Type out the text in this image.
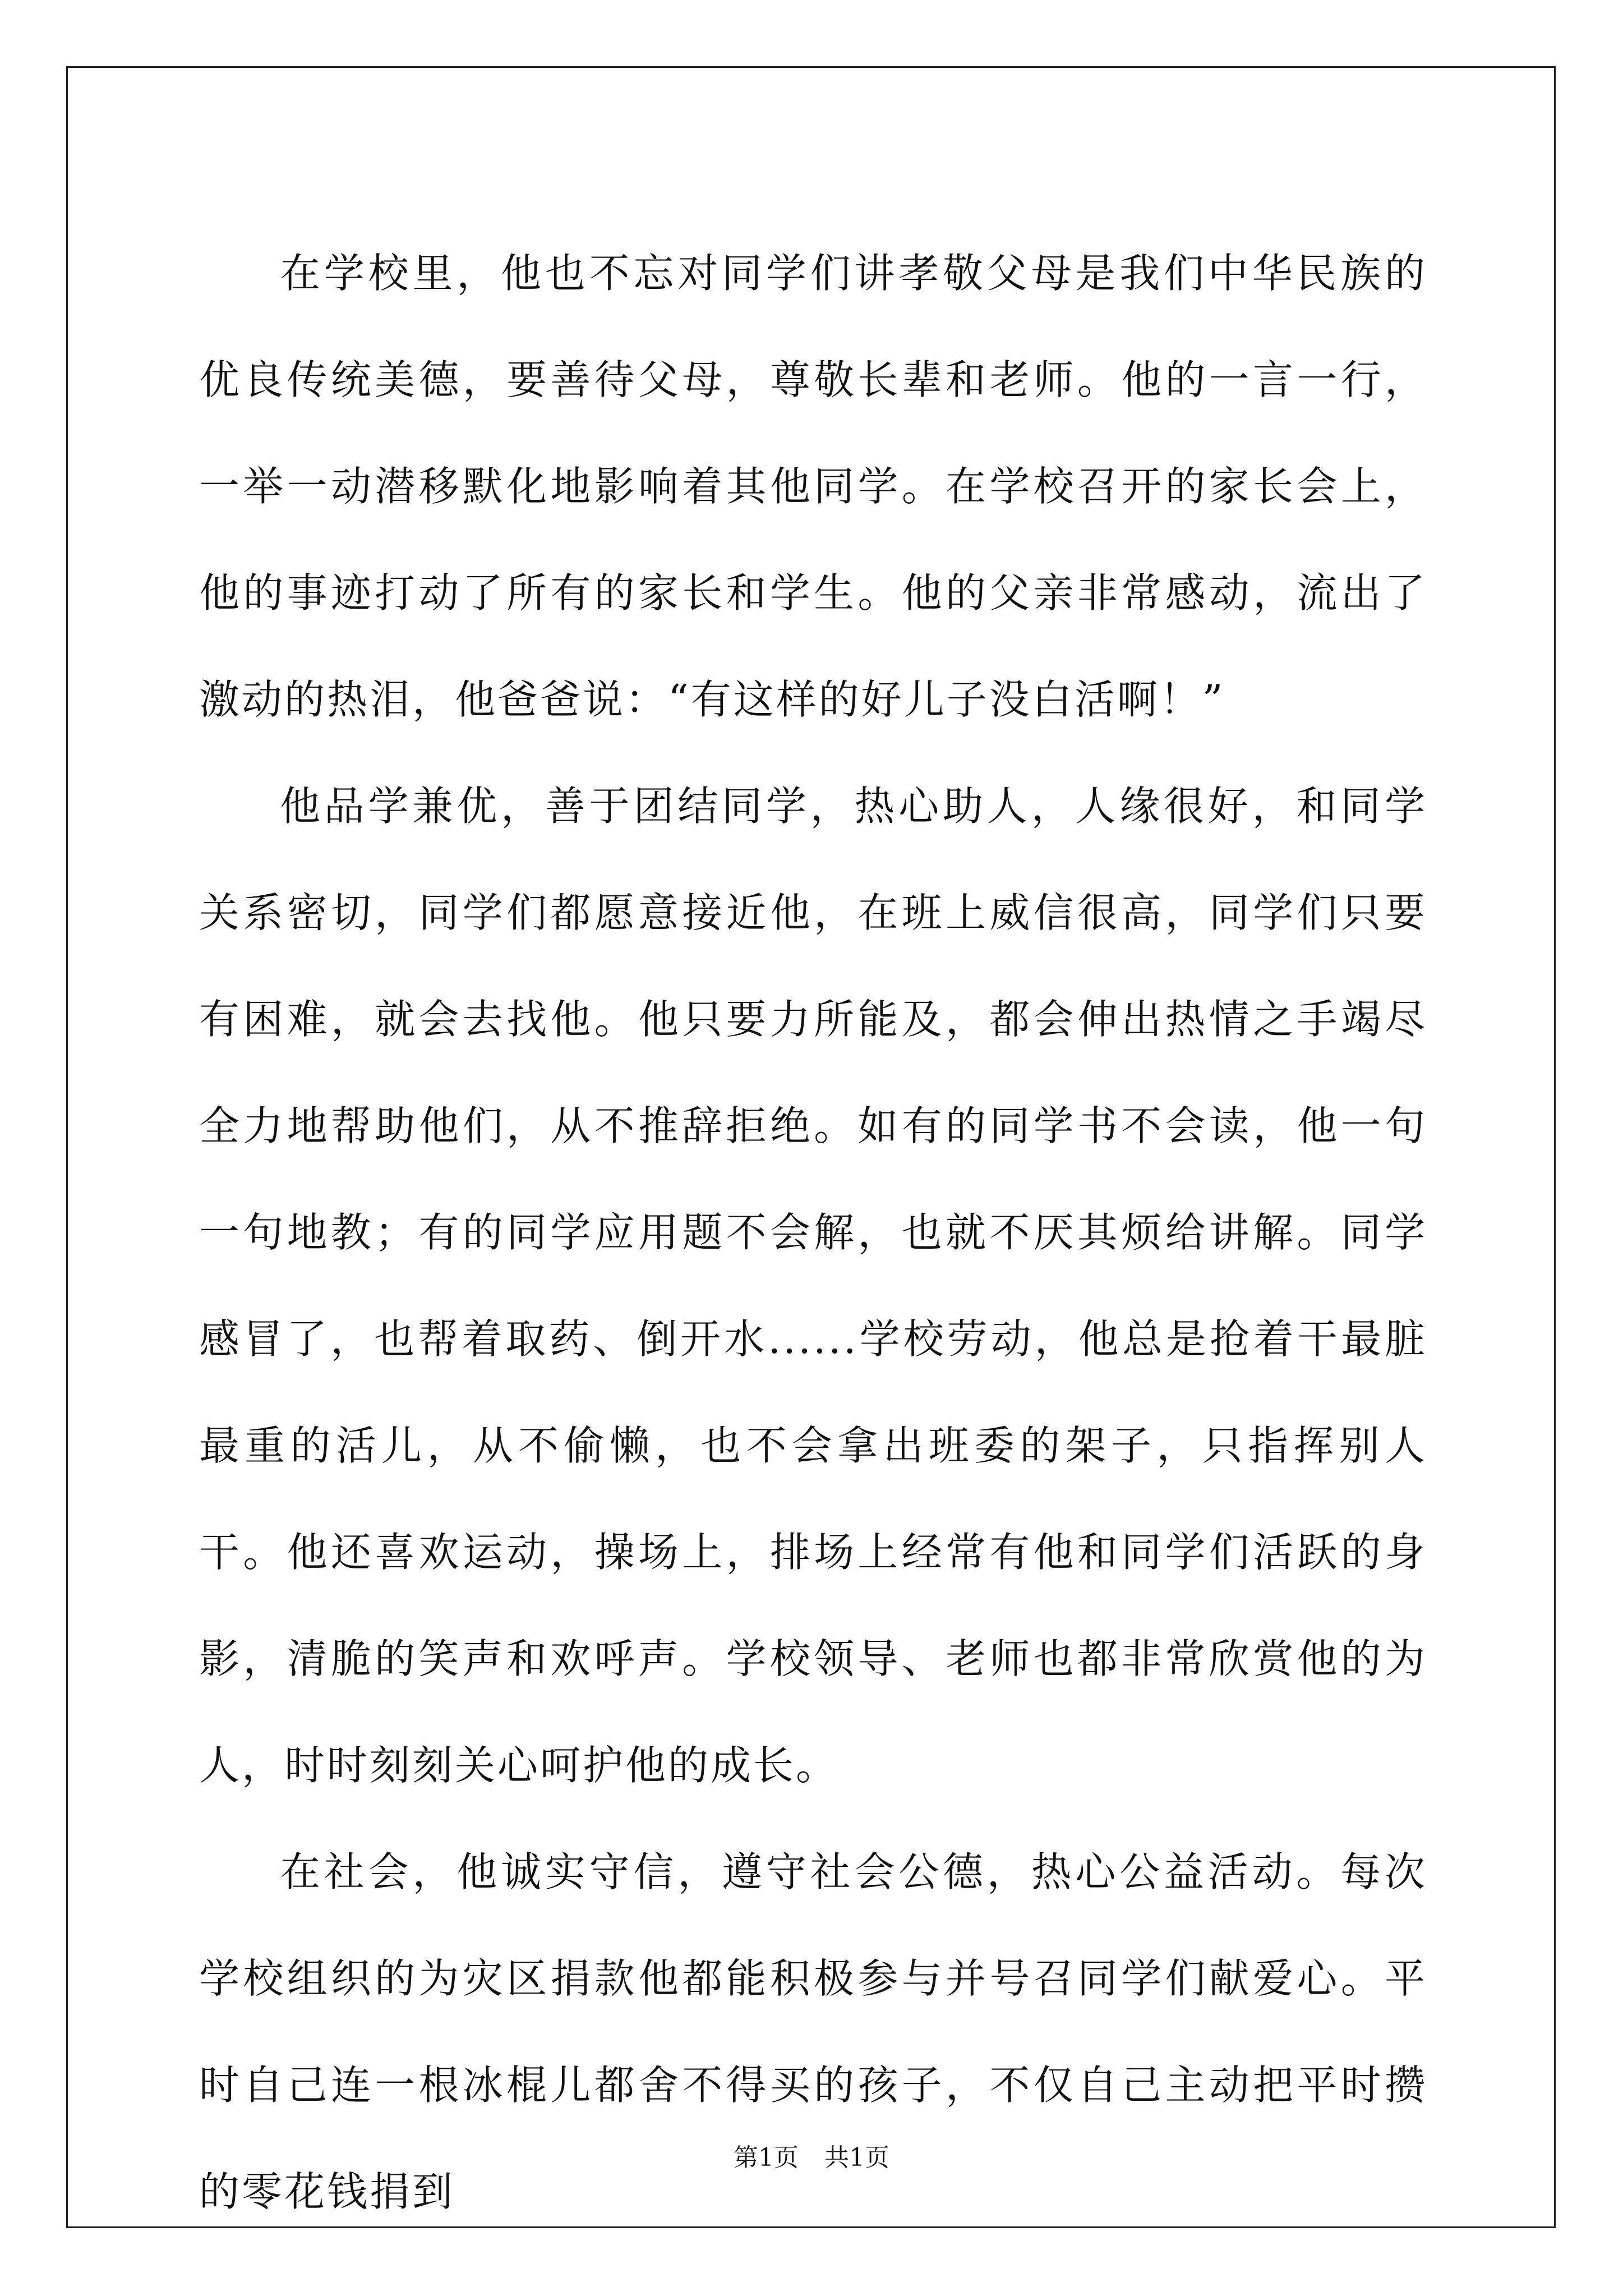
在学校里，他也不忘对同学们讲孝敬父母是我们中华民族的优良传统美德，要善待父母，尊敬长辈和老师。他的一言一行，一举一动潜移默化地影响着其他同学。在学校召开的家长会上，他的事迹打动了所有的家长和学生。他的父亲非常感动，流出了激动的热泪，他爸爸说：“有这样的好儿子没白活啊！”

他品学兼优，善于团结同学，热心助人，人缘很好，和同学关系密切，同学们都愿意接近他，在班上威信很高，同学们只要有困难，就会去找他。他只要力所能及，都会伸出热情之手竭尽全力地帮助他们，从不推辞拒绝。如有的同学书不会读，他一句一句地教；有的同学应用题不会解，也就不厌其烦给讲解。同学感冒了，也帮着取药、倒开水......学校劳动，他总是抢着干最脏最重的活儿，从不偷懒，也不会拿出班委的架子，只指挥别人干。他还喜欢运动，操场上，排场上经常有他和同学们活跃的身影，清脆的笑声和欢呼声。学校领导、老师也都非常欣赏他的为人，时时刻刻关心呵护他的成长。

在社会，他诚实守信，遵守社会公德，热心公益活动。每次学校组织的为灾区捐款他都能积极参与并号召同学们献爱心。平时自己连一根冰棍儿都舍不得买的孩子，不仅自己主动把平时攒的零花钱捐到

第1页 共1页
